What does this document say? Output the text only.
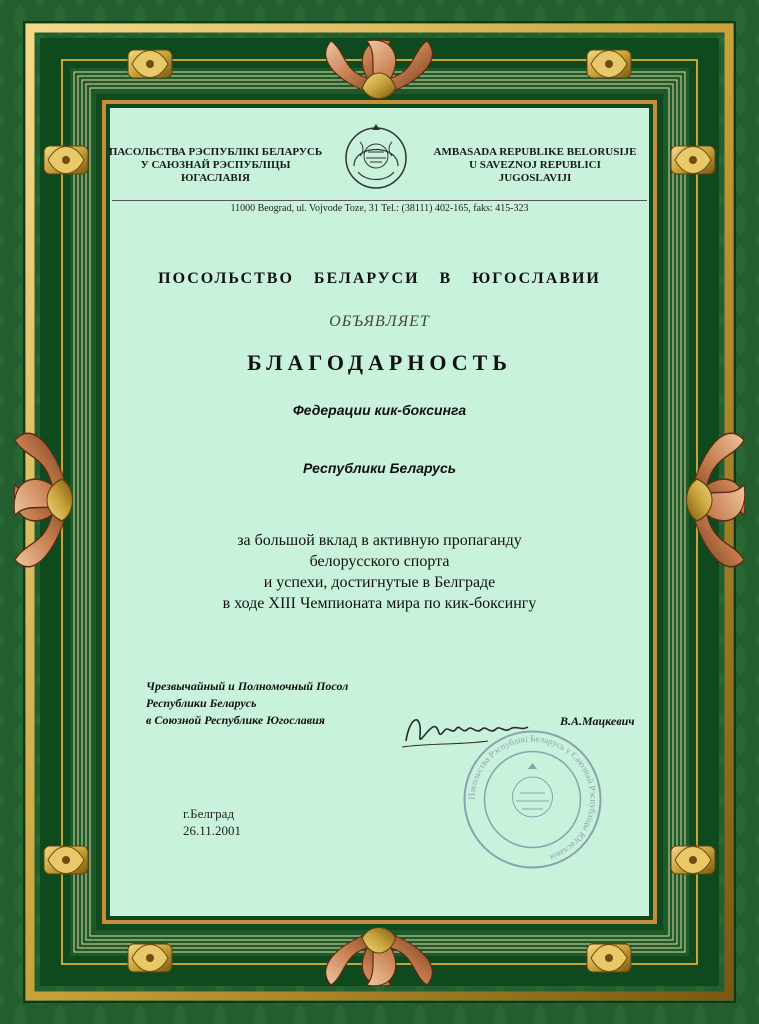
ПАСОЛЬСТВА РЭСПУБЛІКІ БЕЛАРУСЬ
У САЮЗНАЙ РЭСПУБЛІЦЫ
ЮГАСЛАВІЯ
AMBASADA REPUBLIKE BELORUSIJE
U SAVEZNOJ REPUBLICI
JUGOSLAVIJI
11000 Beograd, ul. Vojvode Toze, 31 Tel.: (38111) 402-165, faks: 415-323
ПОСОЛЬСТВО БЕЛАРУСИ В ЮГОСЛАВИИ
ОБЪЯВЛЯЕТ
БЛАГОДАРНОСТЬ
Федерации кик-боксинга
Республики Беларусь
за большой вклад в активную пропаганду
белорусского спорта
и успехи, достигнутые в Белграде
в ходе XIII Чемпионата мира по кик-боксингу
Чрезвычайный и Полномочный Посол
Республики Беларусь
в Союзной Республике Югославия
Пасольства Рэспублікі Беларусь у Саюзнай Рэспубліцы Югаславія
В.А.Мацкевич
г.Белград
26.11.2001
